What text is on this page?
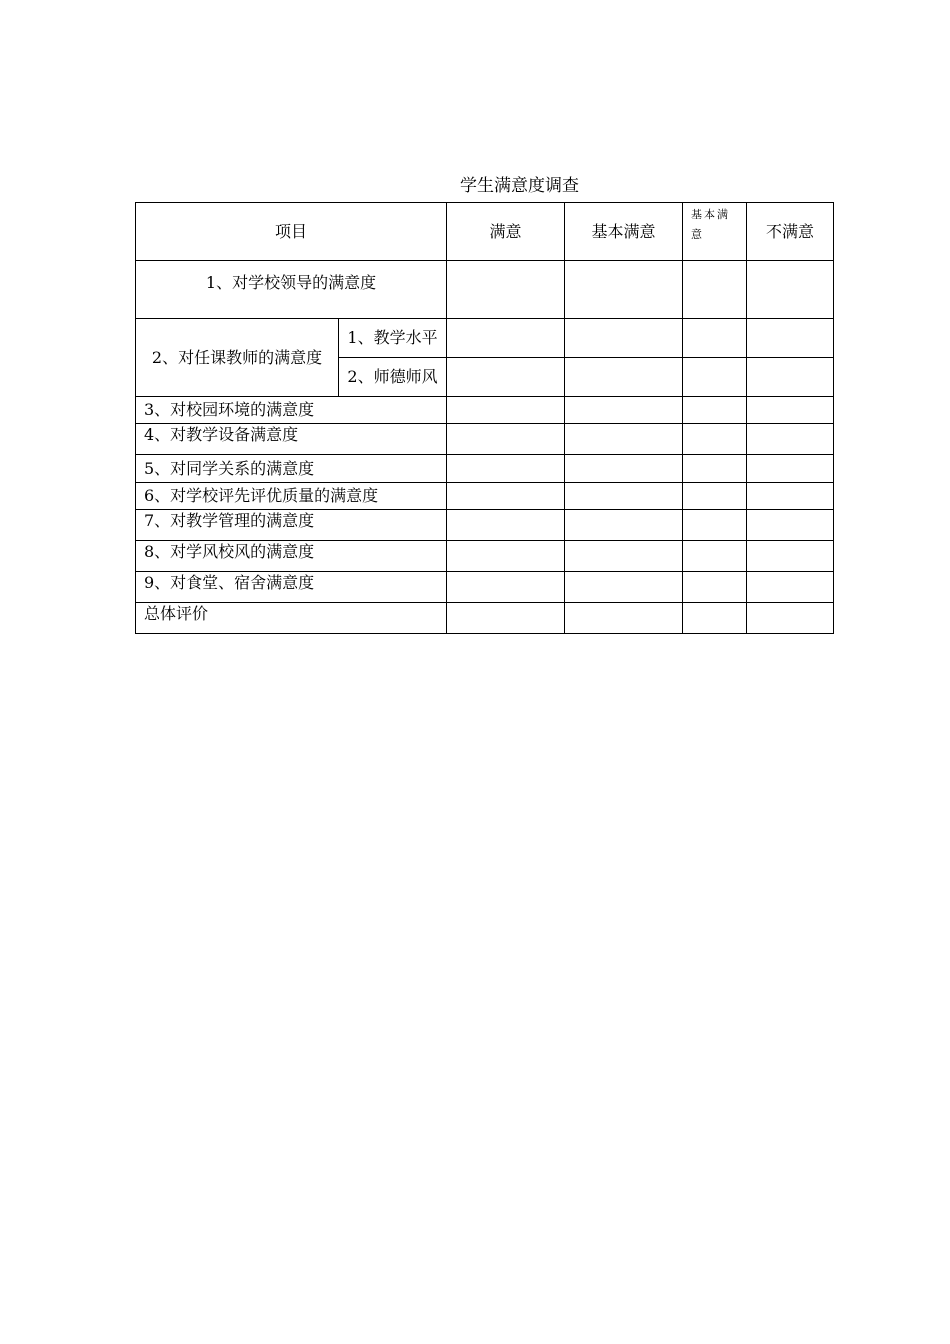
学生满意度调查
项目		满意	基本满意	基本满意	不满意
1、对学校领导的满意度					
2、对任课教师的满意度	1、教学水平				
	2、师德师风				
3、对校园环境的满意度					
4、对教学设备满意度					
5、对同学关系的满意度					
6、对学校评先评优质量的满意度					
7、对教学管理的满意度					
8、对学风校风的满意度					
9、对食堂、宿舍满意度					
总体评价					
